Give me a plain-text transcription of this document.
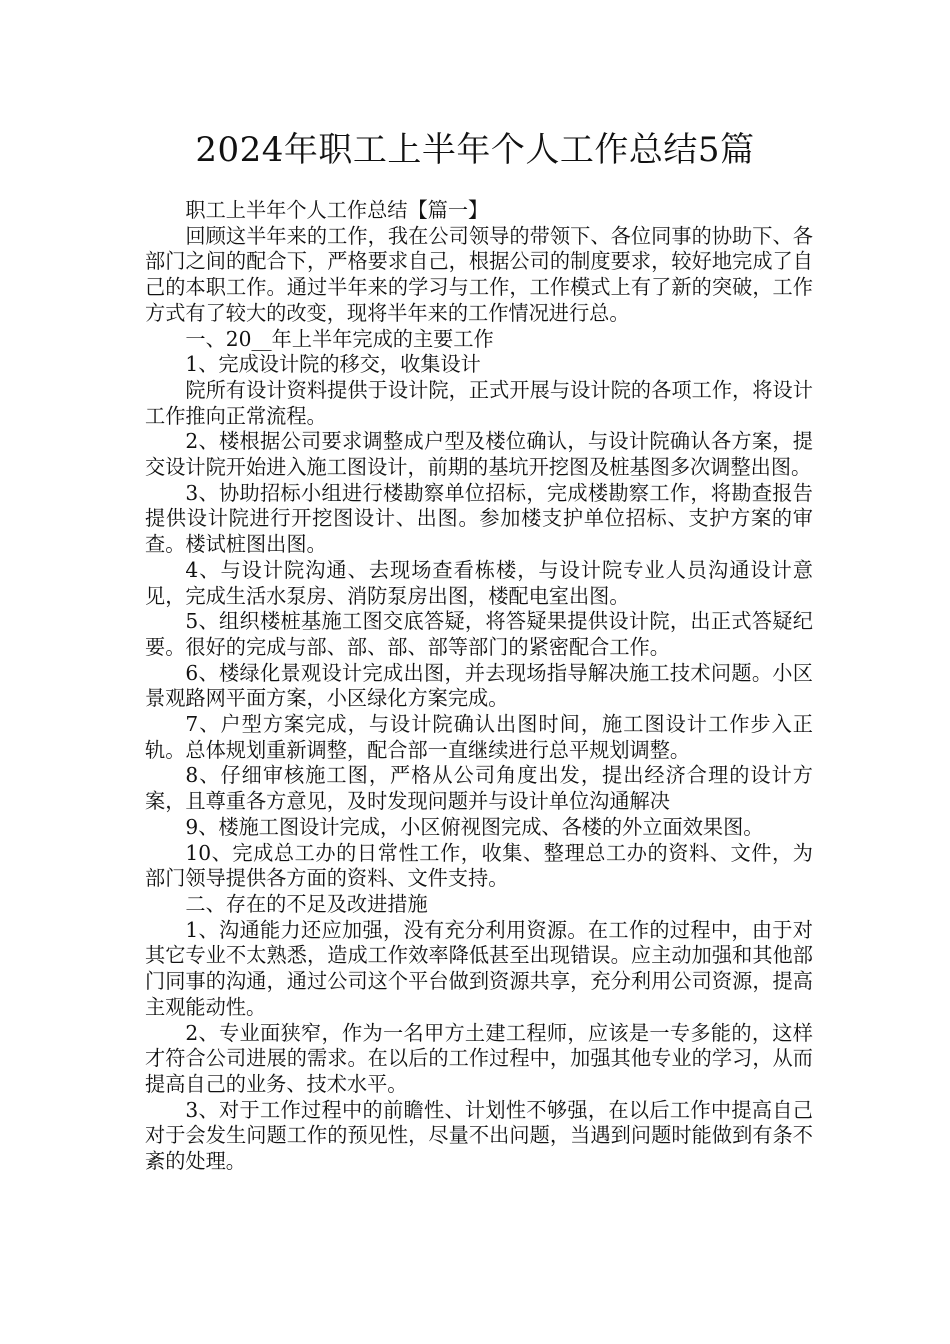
2024年职工上半年个人工作总结5篇

职工上半年个人工作总结【篇一】

回顾这半年来的工作，我在公司领导的带领下、各位同事的协助下、各部门之间的配合下，严格要求自己，根据公司的制度要求，较好地完成了自己的本职工作。通过半年来的学习与工作，工作模式上有了新的突破，工作方式有了较大的改变，现将半年来的工作情况进行总。

一、20__年上半年完成的主要工作

1、完成设计院的移交，收集设计

院所有设计资料提供于设计院，正式开展与设计院的各项工作，将设计工作推向正常流程。

2、楼根据公司要求调整成户型及楼位确认，与设计院确认各方案，提交设计院开始进入施工图设计，前期的基坑开挖图及桩基图多次调整出图。

3、协助招标小组进行楼勘察单位招标，完成楼勘察工作，将勘查报告提供设计院进行开挖图设计、出图。参加楼支护单位招标、支护方案的审查。楼试桩图出图。

4、与设计院沟通、去现场查看栋楼，与设计院专业人员沟通设计意见，完成生活水泵房、消防泵房出图，楼配电室出图。

5、组织楼桩基施工图交底答疑，将答疑果提供设计院，出正式答疑纪要。很好的完成与部、部、部、部等部门的紧密配合工作。

6、楼绿化景观设计完成出图，并去现场指导解决施工技术问题。小区景观路网平面方案，小区绿化方案完成。

7、户型方案完成，与设计院确认出图时间，施工图设计工作步入正轨。总体规划重新调整，配合部一直继续进行总平规划调整。

8、仔细审核施工图，严格从公司角度出发，提出经济合理的设计方案，且尊重各方意见，及时发现问题并与设计单位沟通解决

9、楼施工图设计完成，小区俯视图完成、各楼的外立面效果图。

10、完成总工办的日常性工作，收集、整理总工办的资料、文件，为部门领导提供各方面的资料、文件支持。

二、存在的不足及改进措施

1、沟通能力还应加强，没有充分利用资源。在工作的过程中，由于对其它专业不太熟悉，造成工作效率降低甚至出现错误。应主动加强和其他部门同事的沟通，通过公司这个平台做到资源共享，充分利用公司资源，提高主观能动性。

2、专业面狭窄，作为一名甲方土建工程师，应该是一专多能的，这样才符合公司进展的需求。在以后的工作过程中，加强其他专业的学习，从而提高自己的业务、技术水平。

3、对于工作过程中的前瞻性、计划性不够强，在以后工作中提高自己对于会发生问题工作的预见性，尽量不出问题，当遇到问题时能做到有条不紊的处理。
